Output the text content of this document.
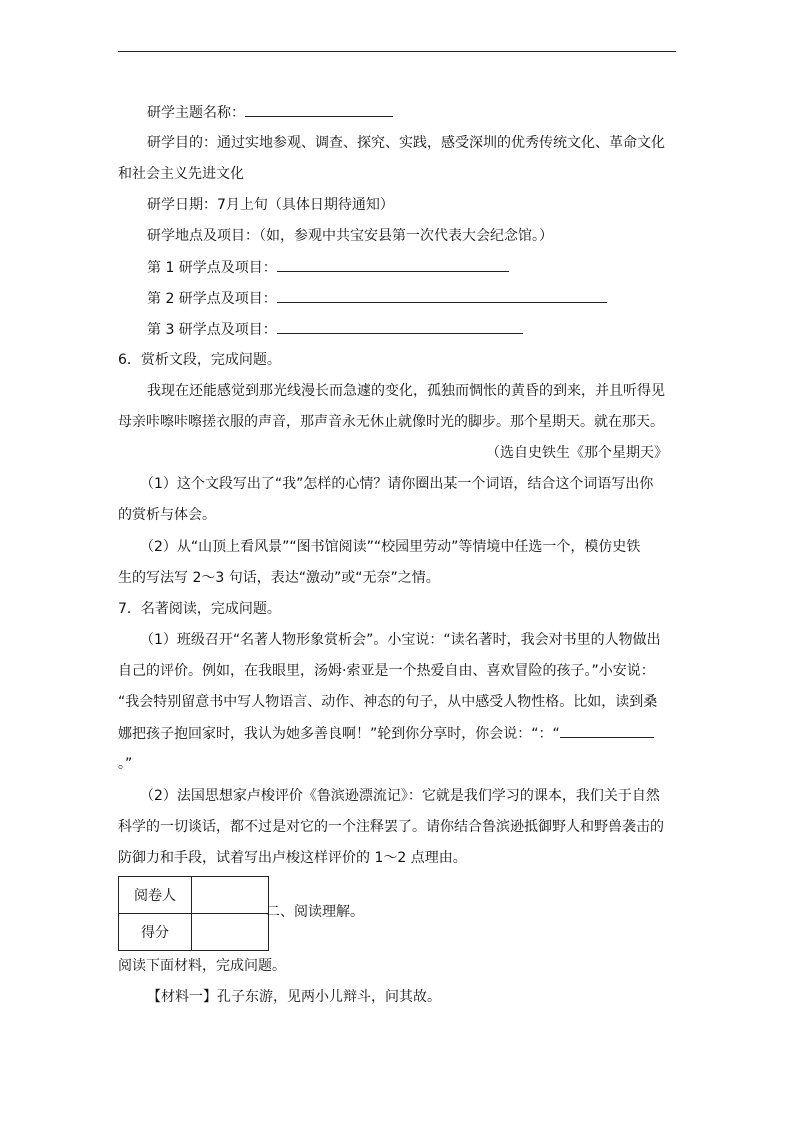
研学主题名称：
研学目的：通过实地参观、调查、探究、实践，感受深圳的优秀传统文化、革命文化
和社会主义先进文化
研学日期：7月上旬（具体日期待通知）
研学地点及项目：（如，参观中共宝安县第一次代表大会纪念馆。）
第 1 研学点及项目：
第 2 研学点及项目：
第 3 研学点及项目：
6．赏析文段，完成问题。
我现在还能感觉到那光线漫长而急遽的变化，孤独而惆怅的黄昏的到来，并且听得见
母亲咔嚓咔嚓搓衣服的声音，那声音永无休止就像时光的脚步。那个星期天。就在那天。
（选自史铁生《那个星期天》
（1）这个文段写出了“我”怎样的心情？请你圈出某一个词语，结合这个词语写出你
的赏析与体会。
（2）从“山顶上看风景”“图书馆阅读”“校园里劳动”等情境中任选一个，模仿史铁
生的写法写 2～3 句话，表达“激动”或“无奈”之情。
7．名著阅读，完成问题。
（1）班级召开“名著人物形象赏析会”。小宝说：“读名著时，我会对书里的人物做出
自己的评价。例如，在我眼里，汤姆·索亚是一个热爱自由、喜欢冒险的孩子。”小安说：
“我会特别留意书中写人物语言、动作、神态的句子，从中感受人物性格。比如，读到桑
娜把孩子抱回家时，我认为她多善良啊！”轮到你分享时，你会说：“：“
。”
（2）法国思想家卢梭评价《鲁滨逊漂流记》：它就是我们学习的课本，我们关于自然
科学的一切谈话，都不过是对它的一个注释罢了。请你结合鲁滨逊抵御野人和野兽袭击的
防御力和手段，试着写出卢梭这样评价的 1～2 点理由。
阅卷人	
得分	
二、阅读理解。
阅读下面材料，完成问题。
【材料一】孔子东游，见两小儿辩斗，问其故。
